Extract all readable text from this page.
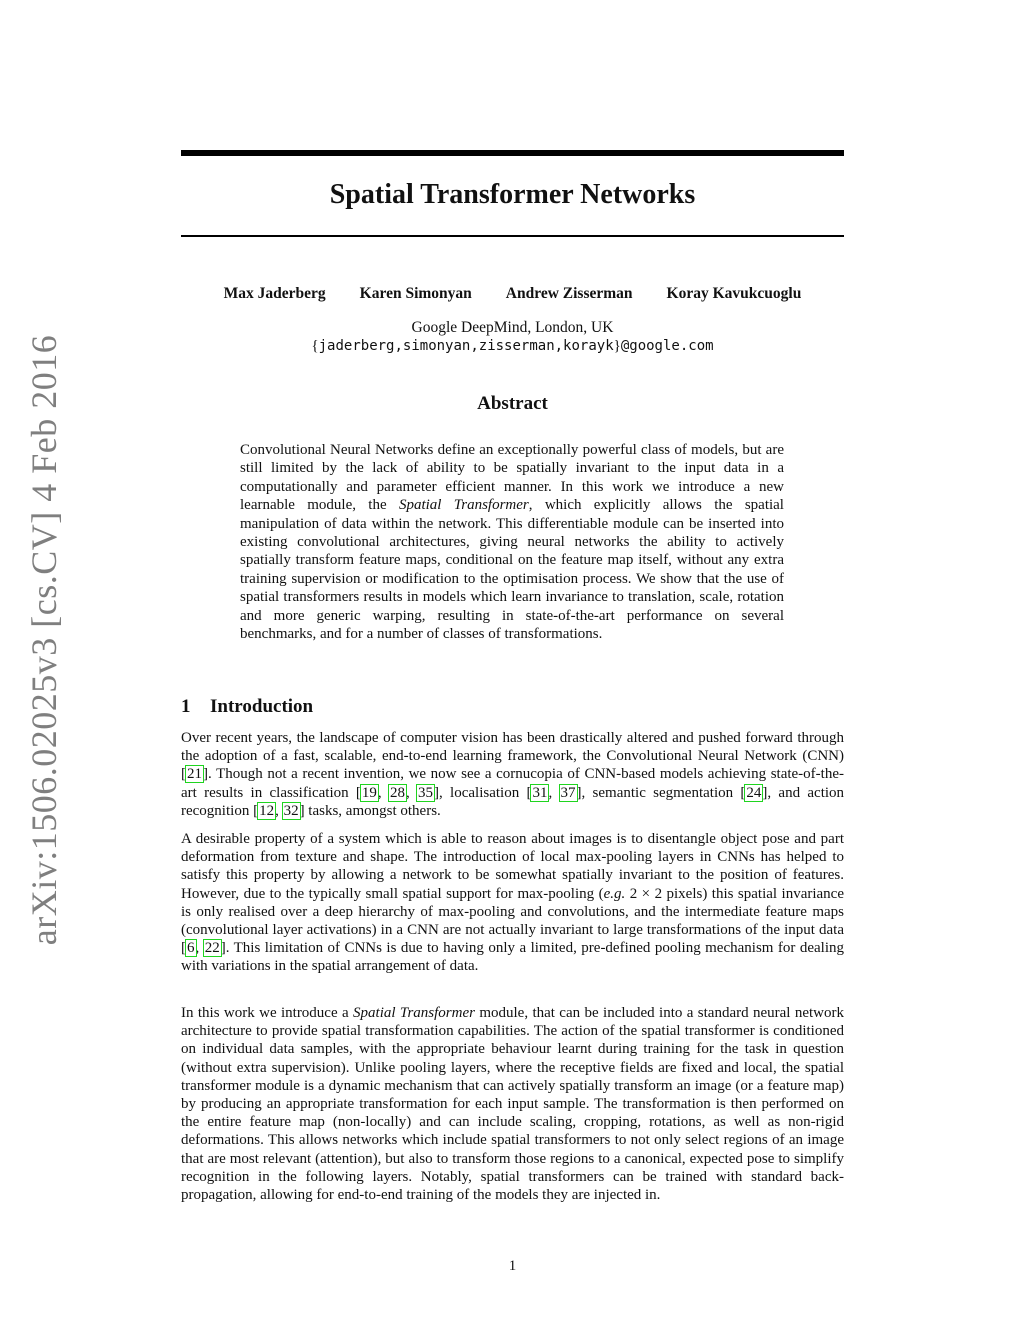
arXiv:1506.02025v3 [cs.CV] 4 Feb 2016
Spatial Transformer Networks
Max Jaderberg Karen Simonyan Andrew Zisserman Koray Kavukcuoglu
Google DeepMind, London, UK
{jaderberg,simonyan,zisserman,korayk}@google.com
Abstract
Convolutional Neural Networks define an exceptionally powerful class of models, but are still limited by the lack of ability to be spatially invariant to the input data in a computationally and parameter efficient manner. In this work we introduce a new learnable module, the Spatial Transformer, which explicitly allows the spatial manipulation of data within the network. This differentiable module can be inserted into existing convolutional architectures, giving neural networks the ability to actively spatially transform feature maps, conditional on the feature map itself, without any extra training supervision or modification to the optimisation process. We show that the use of spatial transformers results in models which learn invariance to translation, scale, rotation and more generic warping, resulting in state-of-the-art performance on several benchmarks, and for a number of classes of transformations.
1 Introduction

Over recent years, the landscape of computer vision has been drastically altered and pushed forward through the adoption of a fast, scalable, end-to-end learning framework, the Convolutional Neural Network (CNN) [21]. Though not a recent invention, we now see a cornucopia of CNN-based models achieving state-of-the-art results in classification [19, 28, 35], localisation [31, 37], semantic segmentation [24], and action recognition [12, 32] tasks, amongst others.

A desirable property of a system which is able to reason about images is to disentangle object pose and part deformation from texture and shape. The introduction of local max-pooling layers in CNNs has helped to satisfy this property by allowing a network to be somewhat spatially invariant to the position of features. However, due to the typically small spatial support for max-pooling (e.g. 2 × 2 pixels) this spatial invariance is only realised over a deep hierarchy of max-pooling and convolutions, and the intermediate feature maps (convolutional layer activations) in a CNN are not actually invariant to large transformations of the input data [6, 22]. This limitation of CNNs is due to having only a limited, pre-defined pooling mechanism for dealing with variations in the spatial arrangement of data.

In this work we introduce a Spatial Transformer module, that can be included into a standard neural network architecture to provide spatial transformation capabilities. The action of the spatial transformer is conditioned on individual data samples, with the appropriate behaviour learnt during training for the task in question (without extra supervision). Unlike pooling layers, where the receptive fields are fixed and local, the spatial transformer module is a dynamic mechanism that can actively spatially transform an image (or a feature map) by producing an appropriate transformation for each input sample. The transformation is then performed on the entire feature map (non-locally) and can include scaling, cropping, rotations, as well as non-rigid deformations. This allows networks which include spatial transformers to not only select regions of an image that are most relevant (attention), but also to transform those regions to a canonical, expected pose to simplify recognition in the following layers. Notably, spatial transformers can be trained with standard back-propagation, allowing for end-to-end training of the models they are injected in.

1
